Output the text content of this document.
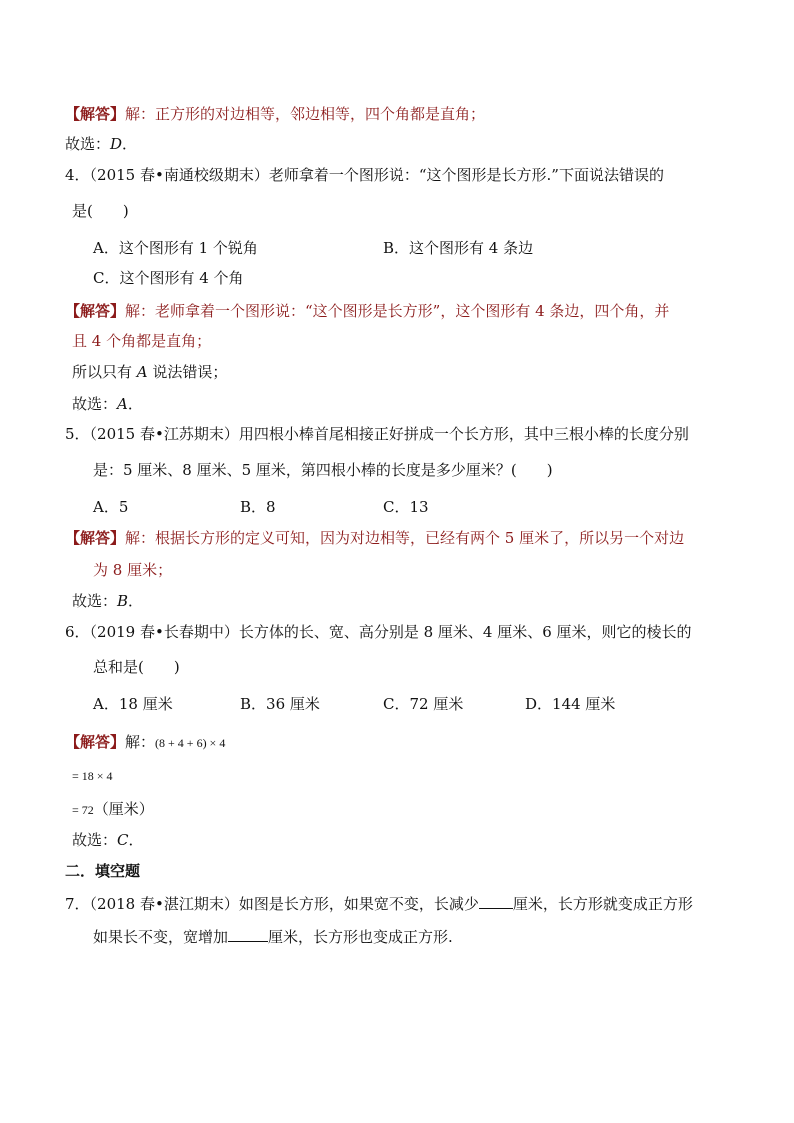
【解答】解：正方形的对边相等，邻边相等，四个角都是直角；
故选：D．
4．（2015 春•南通校级期末）老师拿着一个图形说：“这个图形是长方形.”下面说法错误的
是(　　)
A．这个图形有 1 个锐角	B．这个图形有 4 条边
C．这个图形有 4 个角
【解答】解：老师拿着一个图形说：“这个图形是长方形”，这个图形有 4 条边，四个角，并
且 4 个角都是直角；
所以只有 A 说法错误；
故选：A．
5．（2015 春•江苏期末）用四根小棒首尾相接正好拼成一个长方形，其中三根小棒的长度分别
是：5 厘米、8 厘米、5 厘米，第四根小棒的长度是多少厘米？(　　)
A．5	B．8	C．13
【解答】解：根据长方形的定义可知，因为对边相等，已经有两个 5 厘米了，所以另一个对边
为 8 厘米；
故选：B．
6．（2019 春•长春期中）长方体的长、宽、高分别是 8 厘米、4 厘米、6 厘米，则它的棱长的
总和是(　　)
A．18 厘米	B．36 厘米	C．72 厘米	D．144 厘米
【解答】解：(8 + 4 + 6) × 4
= 18 × 4
= 72（厘米）
故选：C．
二．填空题
7．（2018 春•湛江期末）如图是长方形，如果宽不变，长减少 厘米，长方形就变成正方形
如果长不变，宽增加	厘米，长方形也变成正方形.
